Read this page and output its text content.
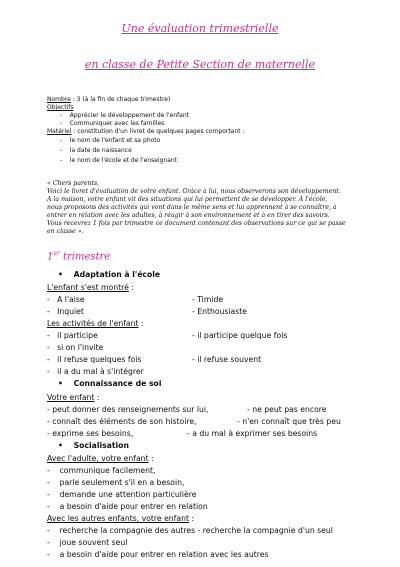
Une évaluation trimestrielle
en classe de Petite Section de maternelle
Nombre : 3 (à la fin de chaque trimestre)
Objectifs
-    Apprécier le développement de l'enfant
-    Communiquer avec les familles
Matériel : constitution d'un livret de quelques pages comportant :
-    le nom de l'enfant et sa photo
-    la date de naissance
-    le nom de l'école et de l'enseignant
« Chers parents,
Voici le livret d'évaluation de votre enfant. Grâce à lui, nous observerons son développement.
A la maison, votre enfant vit des situations qui lui permettent de se développer. A l'école,
nous proposons des activités qui vont dans le même sens et lui apprennent à se connaître, à
entrer en relation avec les adultes, à réagir à son environnement et à en tirer des savoirs.
Vous recevrez 1 fois par trimestre ce document contenant des observations sur ce qui se passe
en classe ».
1er trimestre
•    Adaptation à l'école
L'enfant s'est montré :
-   A l'aise	- Timide
-   Inquiet	- Enthousiaste
Les activités de l'enfant :
-   il participe	- il participe quelque fois
-   si on l'invite
-   il refuse quelques fois	- il refuse souvent
-   il a du mal à s'intégrer
•    Connaissance de soi
Votre enfant :
- peut donner des renseignements sur lui,	- ne peut pas encore
- connaît des éléments de son histoire,	- n'en connaît que très peu
- exprime ses besoins,	- a du mal à exprimer ses besoins
•    Socialisation
Avec l'adulte, votre enfant :
-    communique facilement,
-    parle seulement s'il en a besoin,
-    demande une attention particulière
-    a besoin d'aide pour entrer en relation
Avec les autres enfants, votre enfant :
-    recherche la compagnie des autres - recherche la compagnie d'un seul
-    joue souvent seul
-    a besoin d'aide pour entrer en relation avec les autres
